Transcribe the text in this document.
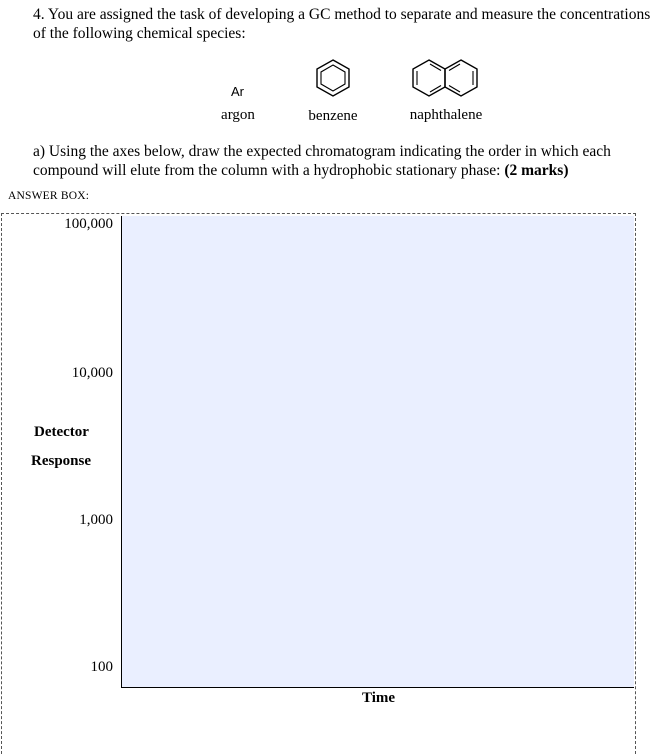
4. You are assigned the task of developing a GC method to separate and measure the concentrations of the following chemical species:
Ar
argon	benzene	naphthalene
a) Using the axes below, draw the expected chromatogram indicating the order in which each compound will elute from the column with a hydrophobic stationary phase: (2 marks)
ANSWER BOX:
100,000
10,000
1,000
100
Detector
Response
Time
